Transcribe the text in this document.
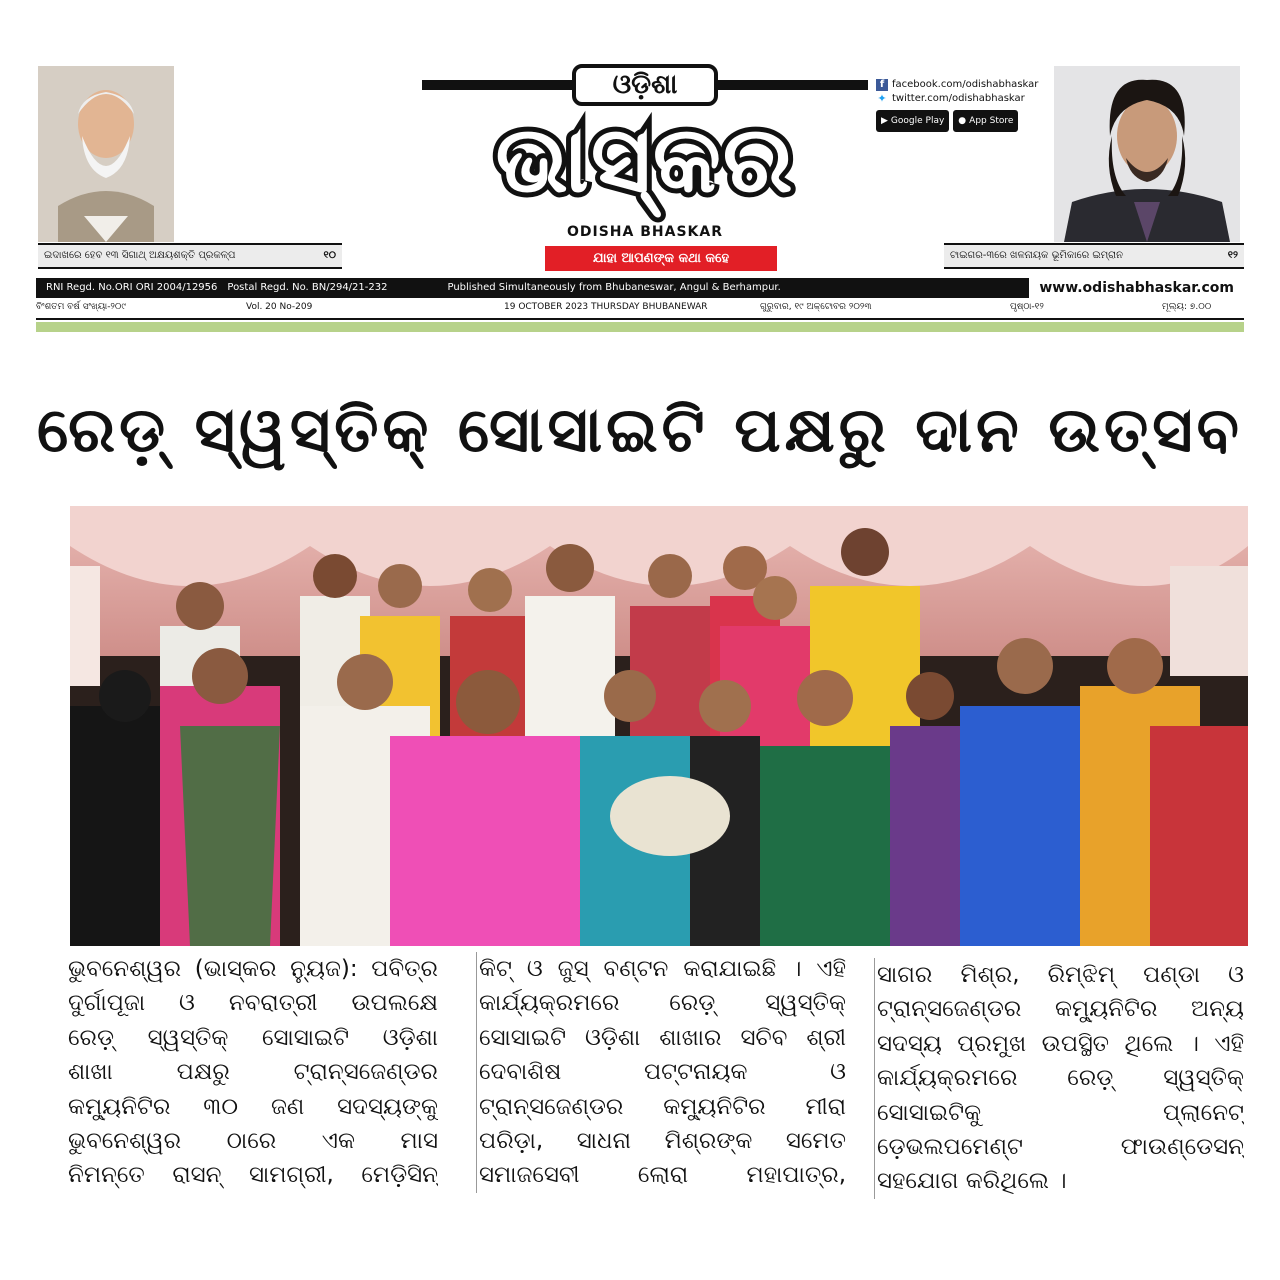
ଓଡ଼ିଶା
ଭାସ୍କର
ODISHA BHASKAR
ଯାହା ଆପଣଙ୍କ କଥା କହେ
f facebook.com/odishabhaskar
✦ twitter.com/odishabhaskar
▶ Google Play ● App Store
ଇଦାଖରେ ହେବ ୧୩ ସିଗାଥ୍ ଅକ୍ଷୟଶକ୍ତି ପ୍ରକଳ୍ପ	୧୦	ଟାଇଗର-୩ରେ ଖଳନାୟକ ଭୂମିକାରେ ଇମ୍ରାନ	୧୨
RNI Regd. No.ORI ORI 2004/12956 Postal Regd. No. BN/294/21-232	Published Simultaneously from Bhubaneswar, Angul & Berhampur.	www.odishabhaskar.com
ବିଂଶତମ ବର୍ଷ ସଂଖ୍ୟା-୨୦୯	Vol. 20 No-209	19 OCTOBER 2023 THURSDAY BHUBANEWAR	ଗୁରୁବାର, ୧୯ ଅକ୍ଟୋବର ୨୦୨୩	ପୃଷ୍ଠା-୧୨	ମୂଲ୍ୟ: ୭.୦୦
ରେଡ଼୍ ସ୍ୱସ୍ତିକ୍ ସୋସାଇଟି ପକ୍ଷରୁ ଦାନ ଉତ୍ସବ
ଭୁବନେଶ୍ୱର (ଭାସ୍କର ନ୍ୟୁଜ): ପବିତ୍ର
ଦୁର୍ଗାପୂଜା ଓ ନବରାତ୍ରୀ ଉପଲକ୍ଷେ
ରେଡ଼୍ ସ୍ୱସ୍ତିକ୍ ସୋସାଇଟି ଓଡ଼ିଶା
ଶାଖା ପକ୍ଷରୁ ଟ୍ରାନ୍ସଜେଣ୍ଡର
କମ୍ୟୁନିଟିର ୩୦ ଜଣ ସଦସ୍ୟଙ୍କୁ
ଭୁବନେଶ୍ୱର ଠାରେ ଏକ ମାସ
ନିମନ୍ତେ ରାସନ୍ ସାମଗ୍ରୀ, ମେଡ଼ିସିନ୍
କିଟ୍ ଓ ଜୁସ୍ ବଣ୍ଟନ କରାଯାଇଛି । ଏହି
କାର୍ଯ୍ୟକ୍ରମରେ ରେଡ଼୍ ସ୍ୱସ୍ତିକ୍
ସୋସାଇଟି ଓଡ଼ିଶା ଶାଖାର ସଚିବ ଶ୍ରୀ
ଦେବାଶିଷ ପଟ୍ଟନାୟକ ଓ
ଟ୍ରାନ୍ସଜେଣ୍ଡର କମ୍ୟୁନିଟିର ମୀରା
ପରିଡ଼ା, ସାଧନା ମିଶ୍ରଙ୍କ ସମେତ
ସମାଜସେବୀ ଲୋରା ମହାପାତ୍ର,
ସାଗର ମିଶ୍ର, ରିମ୍ଝିମ୍ ପଣ୍ଡା ଓ
ଟ୍ରାନ୍ସଜେଣ୍ଡର କମ୍ୟୁନିଟିର ଅନ୍ୟ
ସଦସ୍ୟ ପ୍ରମୁଖ ଉପସ୍ଥିତ ଥିଲେ । ଏହି
କାର୍ଯ୍ୟକ୍ରମରେ ରେଡ଼୍ ସ୍ୱସ୍ତିକ୍
ସୋସାଇଟିକୁ ପ୍ଲାନେଟ୍
ଡ଼େଭଲପମେଣ୍ଟ ଫାଉଣ୍ଡେସନ୍
ସହଯୋଗ କରିଥିଲେ ।
